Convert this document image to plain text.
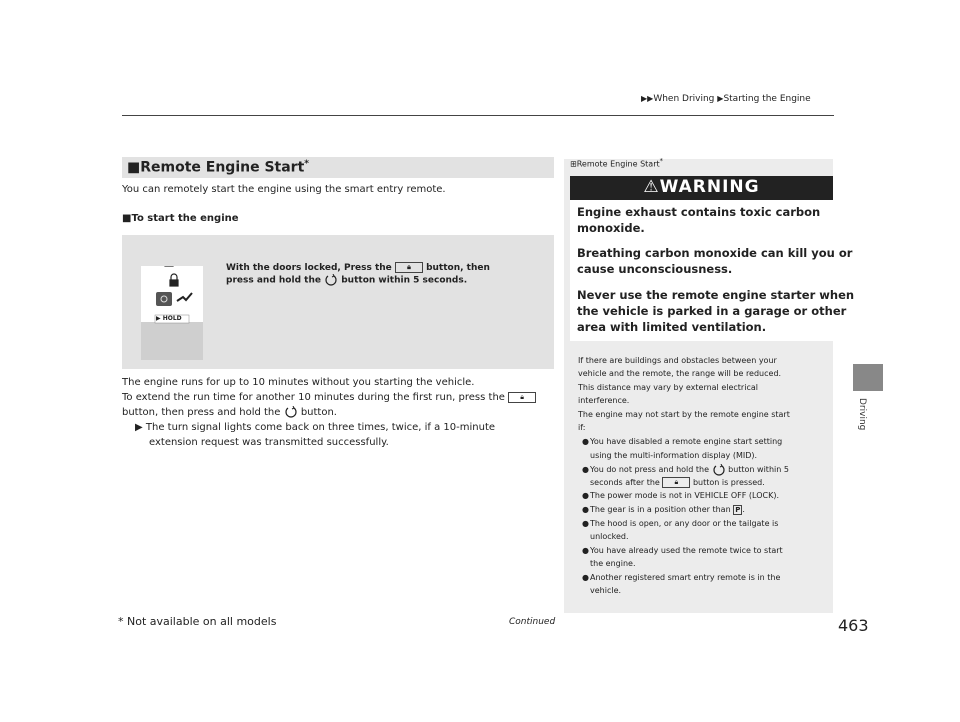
▶▶When Driving ▶Starting the Engine
Driving
■Remote Engine Start*
You can remotely start the engine using the smart entry remote.
■To start the engine
▶ HOLD
With the doors locked, Press the 🔒︎ button, then
press and hold the button within 5 seconds.
The engine runs for up to 10 minutes without you starting the vehicle.
To extend the run time for another 10 minutes during the first run, press the 🔒︎
button, then press and hold the button.
▶ The turn signal lights come back on three times, twice, if a 10-minute
extension request was transmitted successfully.
⊞Remote Engine Start*
⚠WARNING
Engine exhaust contains toxic carbon
monoxide.
Breathing carbon monoxide can kill you or
cause unconsciousness.
Never use the remote engine starter when
the vehicle is parked in a garage or other
area with limited ventilation.
If there are buildings and obstacles between your
vehicle and the remote, the range will be reduced.
This distance may vary by external electrical
interference.
The engine may not start by the remote engine start
if:
● You have disabled a remote engine start setting
using the multi-information display (MID).
● You do not press and hold the button within 5
seconds after the 🔒︎ button is pressed.
● The power mode is not in VEHICLE OFF (LOCK).
● The gear is in a position other than P .
● The hood is open, or any door or the tailgate is
unlocked.
● You have already used the remote twice to start
the engine.
● Another registered smart entry remote is in the
vehicle.
* Not available on all models	Continued	463
